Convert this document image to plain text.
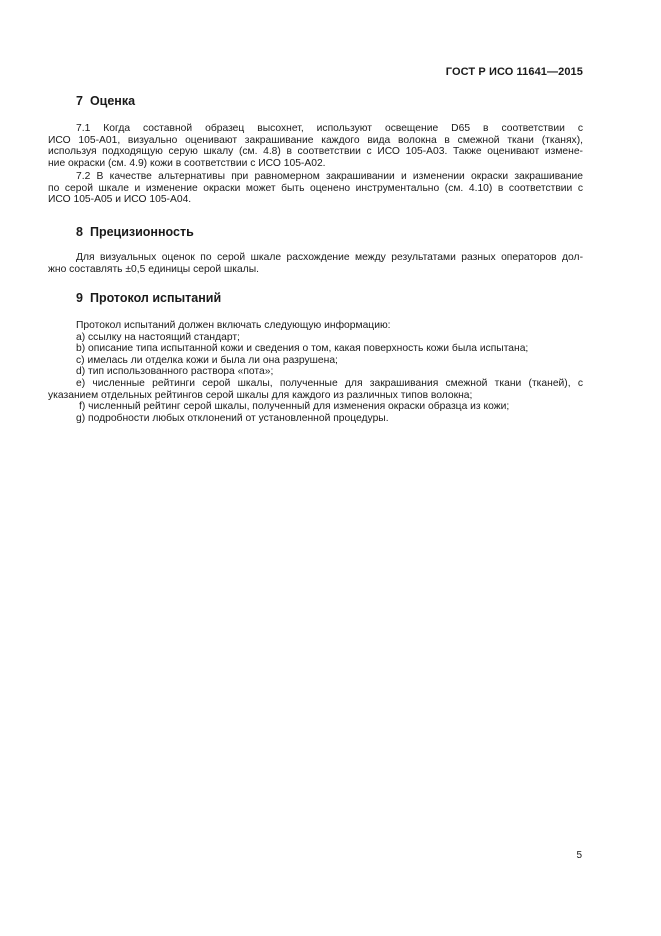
ГОСТ Р ИСО 11641—2015
7 Оценка
7.1 Когда составной образец высохнет, используют освещение D65 в соответствии с
ИСО 105-A01, визуально оценивают закрашивание каждого вида волокна в смежной ткани (тканях),
используя подходящую серую шкалу (см. 4.8) в соответствии с ИСО 105-A03. Также оценивают измене-
ние окраски (см. 4.9) кожи в соответствии с ИСО 105-A02.
7.2 В качестве альтернативы при равномерном закрашивании и изменении окраски закрашивание
по серой шкале и изменение окраски может быть оценено инструментально (см. 4.10) в соответствии с
ИСО 105-A05 и ИСО 105-A04.
8 Прецизионность
Для визуальных оценок по серой шкале расхождение между результатами разных операторов дол-
жно составлять ±0,5 единицы серой шкалы.
9 Протокол испытаний
Протокол испытаний должен включать следующую информацию:
a) ссылку на настоящий стандарт;
b) описание типа испытанной кожи и сведения о том, какая поверхность кожи была испытана;
c) имелась ли отделка кожи и была ли она разрушена;
d) тип использованного раствора «пота»;
e) численные рейтинги серой шкалы, полученные для закрашивания смежной ткани (тканей), с
указанием отдельных рейтингов серой шкалы для каждого из различных типов волокна;
f) численный рейтинг серой шкалы, полученный для изменения окраски образца из кожи;
g) подробности любых отклонений от установленной процедуры.
5
